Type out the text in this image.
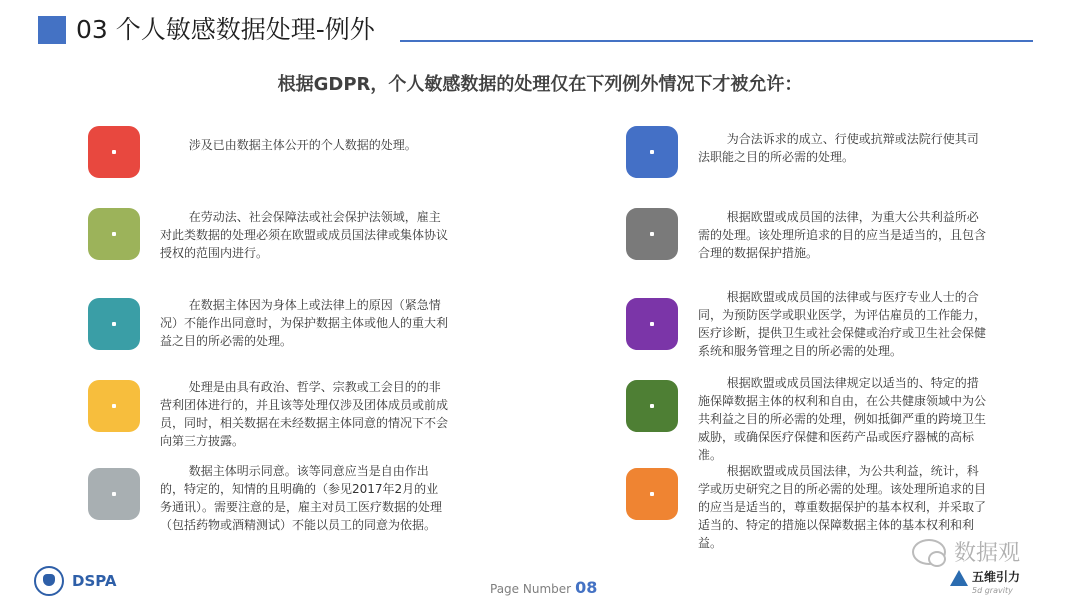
03 个人敏感数据处理-例外
根据GDPR，个人敏感数据的处理仅在下列例外情况下才被允许：
涉及已由数据主体公开的个人数据的处理。
在劳动法、社会保障法或社会保护法领域，雇主对此类数据的处理必须在欧盟或成员国法律或集体协议授权的范围内进行。
在数据主体因为身体上或法律上的原因（紧急情况）不能作出同意时，为保护数据主体或他人的重大利益之目的所必需的处理。
处理是由具有政治、哲学、宗教或工会目的的非营利团体进行的，并且该等处理仅涉及团体成员或前成员，同时，相关数据在未经数据主体同意的情况下不会向第三方披露。
数据主体明示同意。该等同意应当是自由作出的，特定的，知情的且明确的（参见2017年2月的业务通讯）。需要注意的是，雇主对员工医疗数据的处理（包括药物或酒精测试）不能以员工的同意为依据。
为合法诉求的成立、行使或抗辩或法院行使其司法职能之目的所必需的处理。
根据欧盟或成员国的法律，为重大公共利益所必需的处理。该处理所追求的目的应当是适当的，且包含合理的数据保护措施。
根据欧盟或成员国的法律或与医疗专业人士的合同，为预防医学或职业医学，为评估雇员的工作能力，医疗诊断，提供卫生或社会保健或治疗或卫生社会保健系统和服务管理之目的所必需的处理。
根据欧盟或成员国法律规定以适当的、特定的措施保障数据主体的权利和自由，在公共健康领域中为公共利益之目的所必需的处理，例如抵御严重的跨境卫生威胁，或确保医疗保健和医药产品或医疗器械的高标准。
根据欧盟或成员国法律，为公共利益，统计，科学或历史研究之目的所必需的处理。该处理所追求的目的应当是适当的，尊重数据保护的基本权利，并采取了适当的、特定的措施以保障数据主体的基本权利和利益。
DSPA	Page Number 08
数据观
五维引力
5d gravity
